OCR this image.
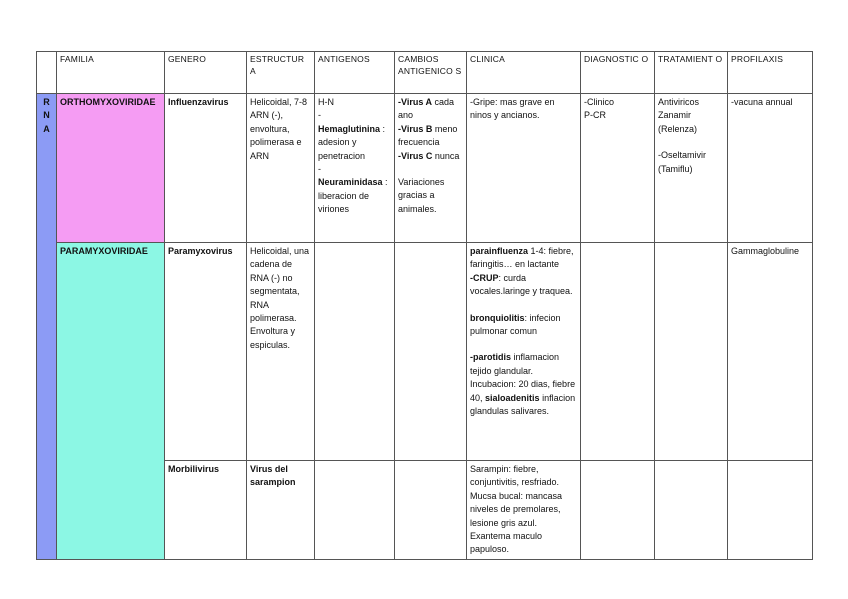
	FAMILIA	GENERO	ESTRUCTUR A	ANTIGENOS	CAMBIOS ANTIGENICO S	CLINICA	DIAGNOSTIC O	TRATAMIENT O	PROFILAXIS

R
N
A	ORTHOMYXOVIRIDAE	Influenzavirus	Helicoidal, 7-8 ARN (-), envoltura, polimerasa e ARN	H-N
-
Hemaglutinina : adesion y penetracion
-
Neuraminidasa : liberacion de viriones	-Virus A cada ano
-Virus B meno frecuencia
-Virus C nunca
Variaciones gracias a animales.	-Gripe: mas grave en ninos y ancianos.	-Clinico
P-CR	Antiviricos Zanamir (Relenza)
-Oseltamivir (Tamiflu)	-vacuna annual
	PARAMYXOVIRIDAE	Paramyxovirus	Helicoidal, una cadena de RNA (-) no segmentata, RNA polimerasa. Envoltura y espiculas.			parainfluenza 1-4: fiebre, faringitis… en lactante
-CRUP: curda vocales.laringe y traquea.
bronquiolitis: infecion pulmonar comun
-parotidis inflamacion tejido glandular. Incubacion: 20 dias, fiebre 40, sialoadenitis inflacion glandulas salivares.			Gammaglobuline
		Morbilivirus	Virus del sarampion			Sarampin: fiebre, conjuntivitis, resfriado. Mucsa bucal: mancasa niveles de premolares, lesione gris azul. Exantema maculo papuloso.			
